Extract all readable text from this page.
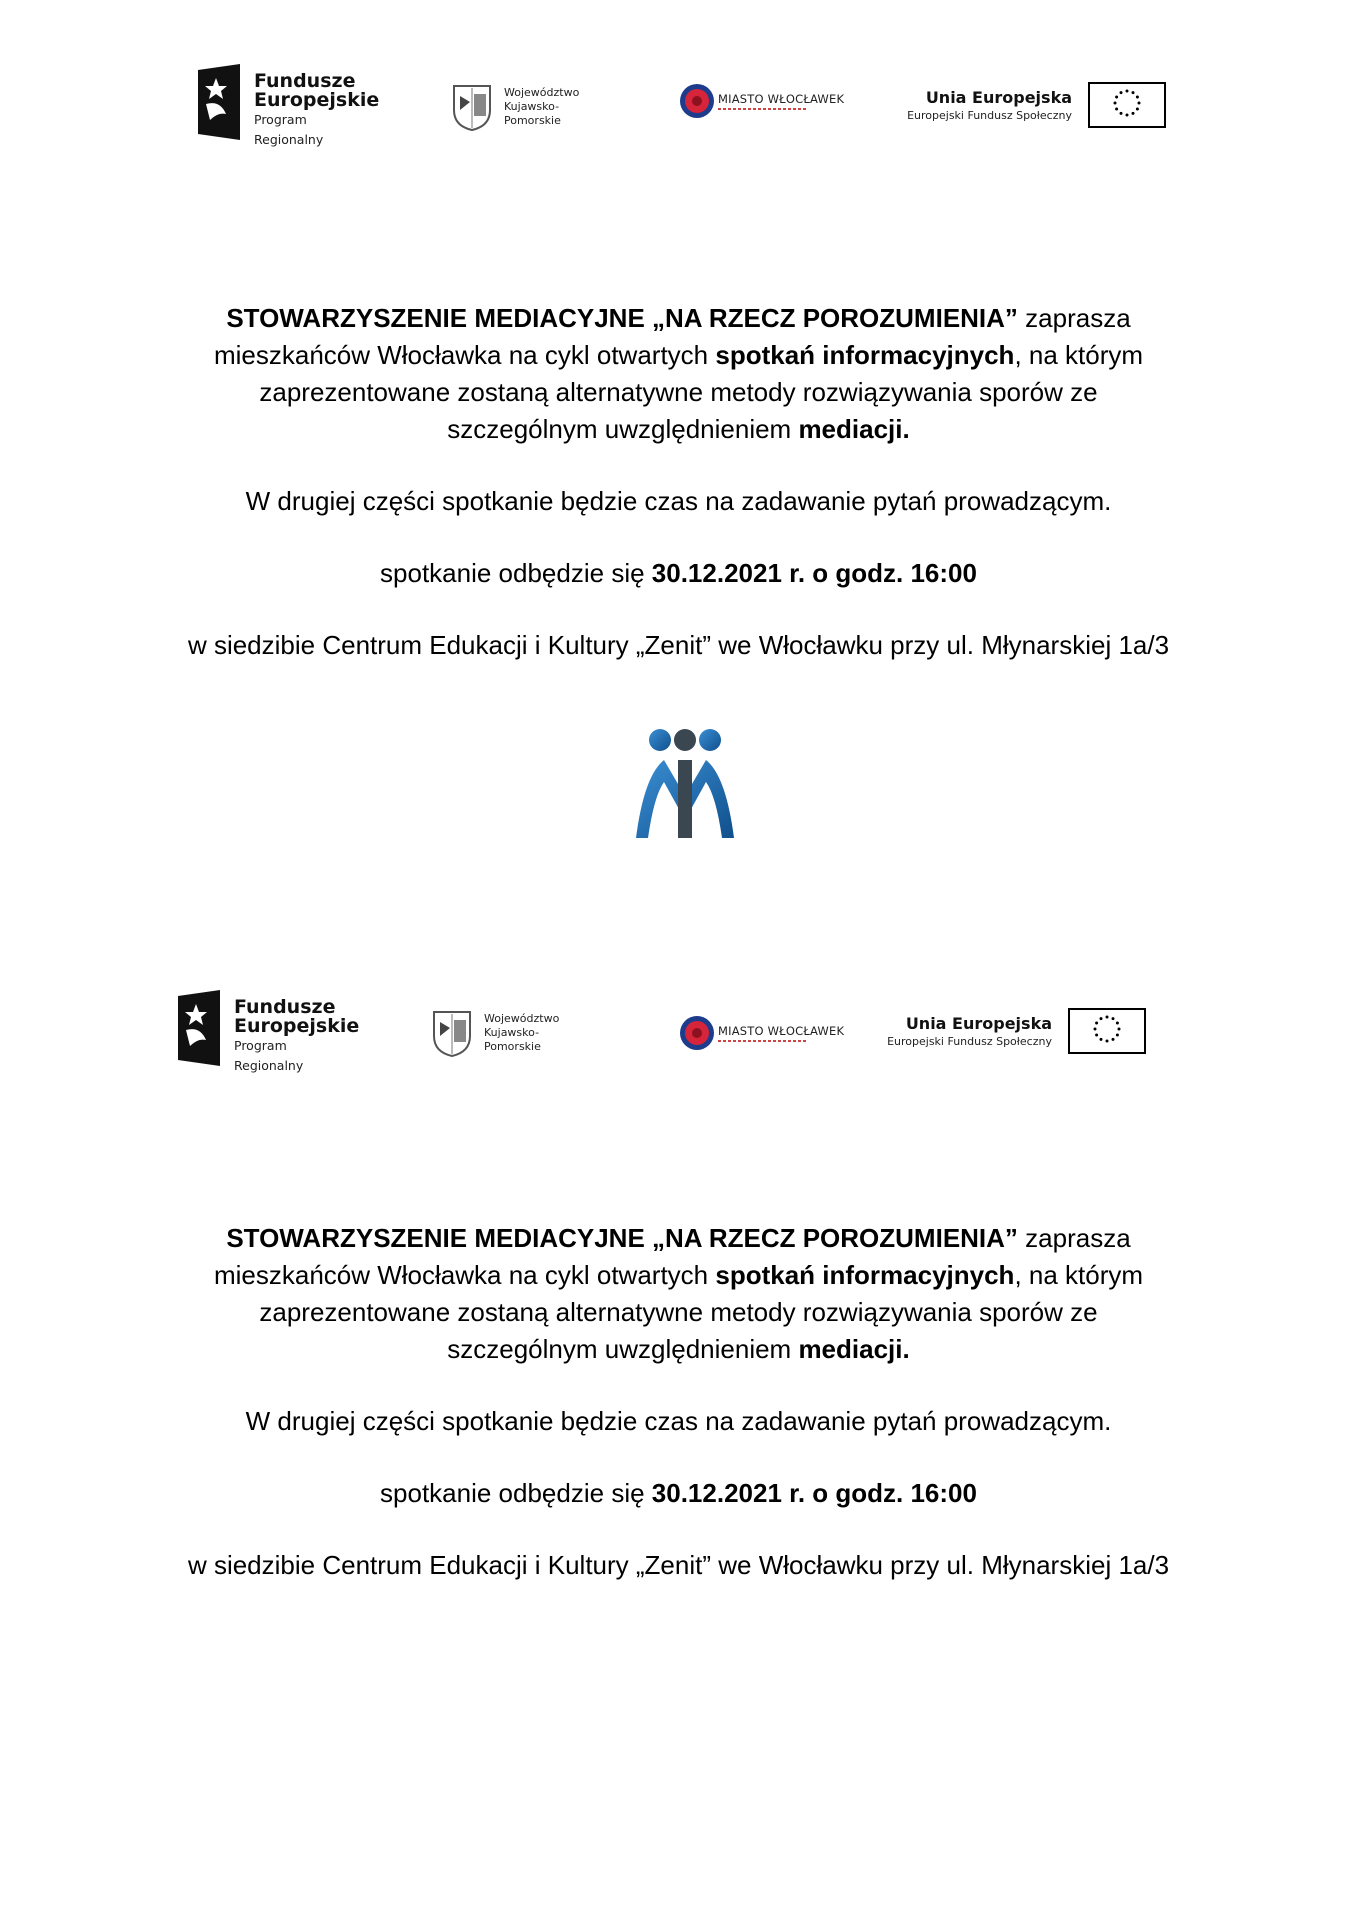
Fundusze
Europejskie
Program Regionalny
Województwo
Kujawsko-Pomorskie
MIASTO WŁOCŁAWEK	Unia Europejska
Europejski Fundusz Społeczny

STOWARZYSZENIE MEDIACYJNE „NA RZECZ POROZUMIENIA” zaprasza
mieszkańców Włocławka na cykl otwartych spotkań informacyjnych, na którym
zaprezentowane zostaną alternatywne metody rozwiązywania sporów ze
szczególnym uwzględnieniem mediacji.

W drugiej części spotkanie będzie czas na zadawanie pytań prowadzącym.

spotkanie odbędzie się 30.12.2021 r. o godz. 16:00

w siedzibie Centrum Edukacji i Kultury „Zenit” we Włocławku przy ul. Młynarskiej 1a/3

Fundusze
Europejskie
Program Regionalny
Województwo
Kujawsko-Pomorskie
MIASTO WŁOCŁAWEK	Unia Europejska
Europejski Fundusz Społeczny

STOWARZYSZENIE MEDIACYJNE „NA RZECZ POROZUMIENIA” zaprasza
mieszkańców Włocławka na cykl otwartych spotkań informacyjnych, na którym
zaprezentowane zostaną alternatywne metody rozwiązywania sporów ze
szczególnym uwzględnieniem mediacji.

W drugiej części spotkanie będzie czas na zadawanie pytań prowadzącym.

spotkanie odbędzie się 30.12.2021 r. o godz. 16:00

w siedzibie Centrum Edukacji i Kultury „Zenit” we Włocławku przy ul. Młynarskiej 1a/3
